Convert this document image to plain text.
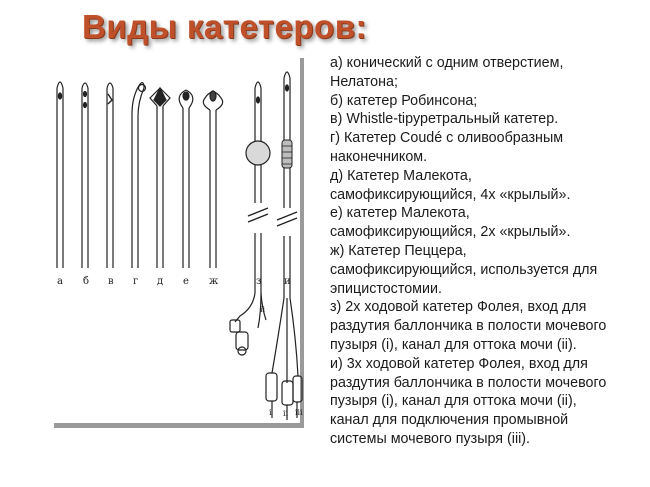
Виды катетеров:
ii
i ii iii
а б в г д е ж	з и
а) конический с одним отверстием,
Нелатона;
б) катетер Робинсона;
в) Whistle-tipуретральный катетер.
г) Катетер Coudé с оливообразным
наконечником.
д) Катетер Малекота,
самофиксирующийся, 4х «крылый».
е) катетер Малекота,
самофиксирующийся, 2х «крылый».
ж) Катетер Пеццера,
самофиксирующийся, используется для
эпицистостомии.
з) 2х ходовой катетер Фолея, вход для
раздутия баллончика в полости мочевого
пузыря (i), канал для оттока мочи (ii).
и) 3х ходовой катетер Фолея, вход для
раздутия баллончика в полости мочевого
пузыря (i), канал для оттока мочи (ii),
канал для подключения промывной
системы мочевого пузыря (iii).
